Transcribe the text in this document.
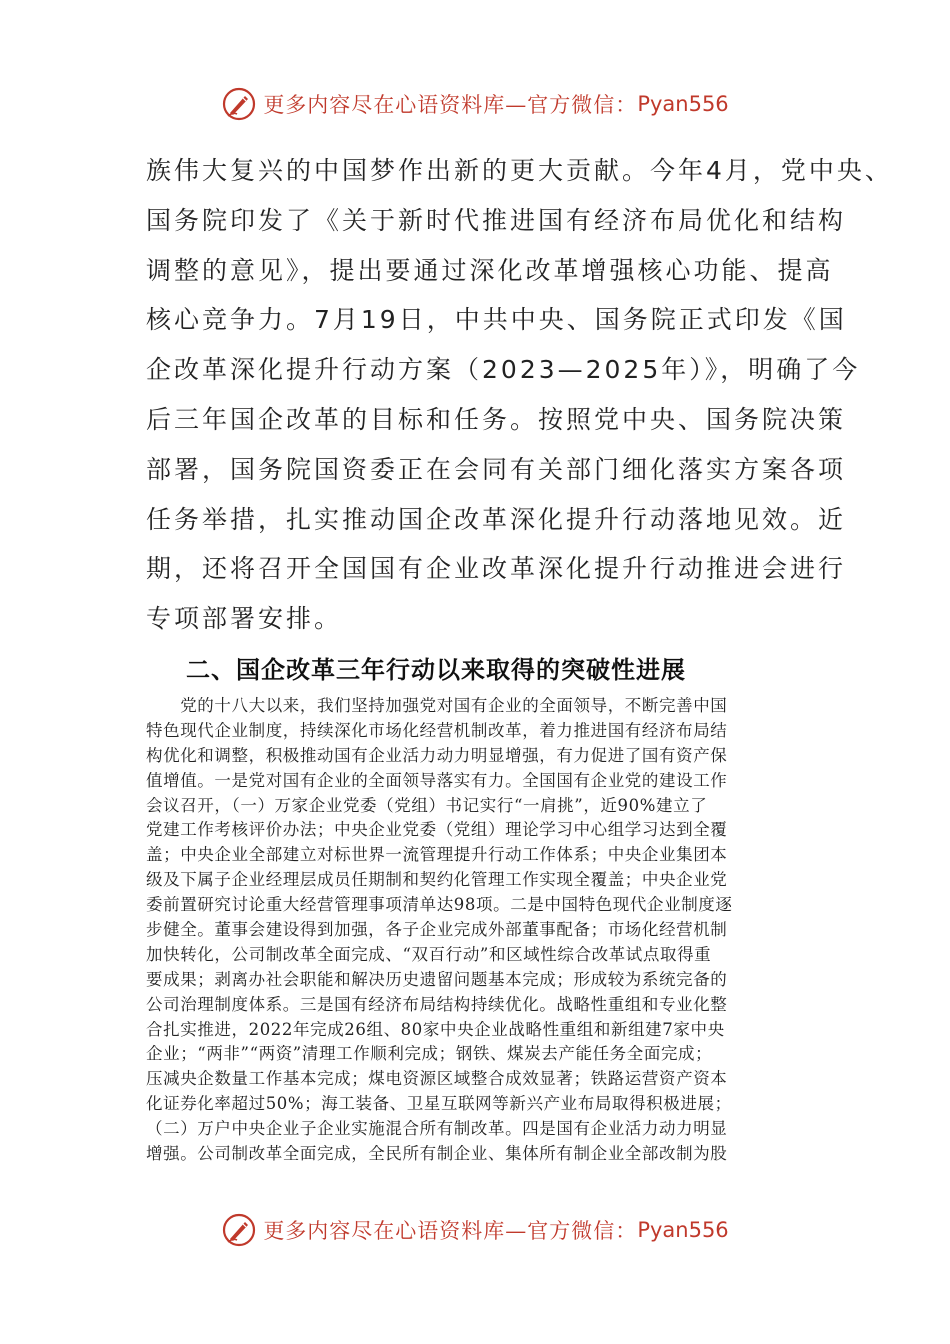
更多内容尽在心语资料库—官方微信： Pyan556
族伟大复兴的中国梦作出新的更大贡献。今年4月，党中央、
国务院印发了《关于新时代推进国有经济布局优化和结构
调整的意见》，提出要通过深化改革增强核心功能、提高
核心竞争力。7月19日，中共中央、国务院正式印发《国
企改革深化提升行动方案（2023—2025年）》，明确了今
后三年国企改革的目标和任务。按照党中央、国务院决策
部署，国务院国资委正在会同有关部门细化落实方案各项
任务举措，扎实推动国企改革深化提升行动落地见效。近
期，还将召开全国国有企业改革深化提升行动推进会进行
专项部署安排。
二、国企改革三年行动以来取得的突破性进展
　　党的十八大以来，我们坚持加强党对国有企业的全面领导，不断完善中国
特色现代企业制度，持续深化市场化经营机制改革，着力推进国有经济布局结
构优化和调整，积极推动国有企业活力动力明显增强，有力促进了国有资产保
值增值。一是党对国有企业的全面领导落实有力。全国国有企业党的建设工作
会议召开，（一）万家企业党委（党组）书记实行“一肩挑”，近90%建立了
党建工作考核评价办法；中央企业党委（党组）理论学习中心组学习达到全覆
盖；中央企业全部建立对标世界一流管理提升行动工作体系；中央企业集团本
级及下属子企业经理层成员任期制和契约化管理工作实现全覆盖；中央企业党
委前置研究讨论重大经营管理事项清单达98项。二是中国特色现代企业制度逐
步健全。董事会建设得到加强，各子企业完成外部董事配备；市场化经营机制
加快转化，公司制改革全面完成、“双百行动”和区域性综合改革试点取得重
要成果；剥离办社会职能和解决历史遗留问题基本完成；形成较为系统完备的
公司治理制度体系。三是国有经济布局结构持续优化。战略性重组和专业化整
合扎实推进，2022年完成26组、80家中央企业战略性重组和新组建7家中央
企业；“两非”“两资”清理工作顺利完成；钢铁、煤炭去产能任务全面完成；
压减央企数量工作基本完成；煤电资源区域整合成效显著；铁路运营资产资本
化证券化率超过50%；海工装备、卫星互联网等新兴产业布局取得积极进展；
（二）万户中央企业子企业实施混合所有制改革。四是国有企业活力动力明显
增强。公司制改革全面完成，全民所有制企业、集体所有制企业全部改制为股
更多内容尽在心语资料库—官方微信： Pyan556
